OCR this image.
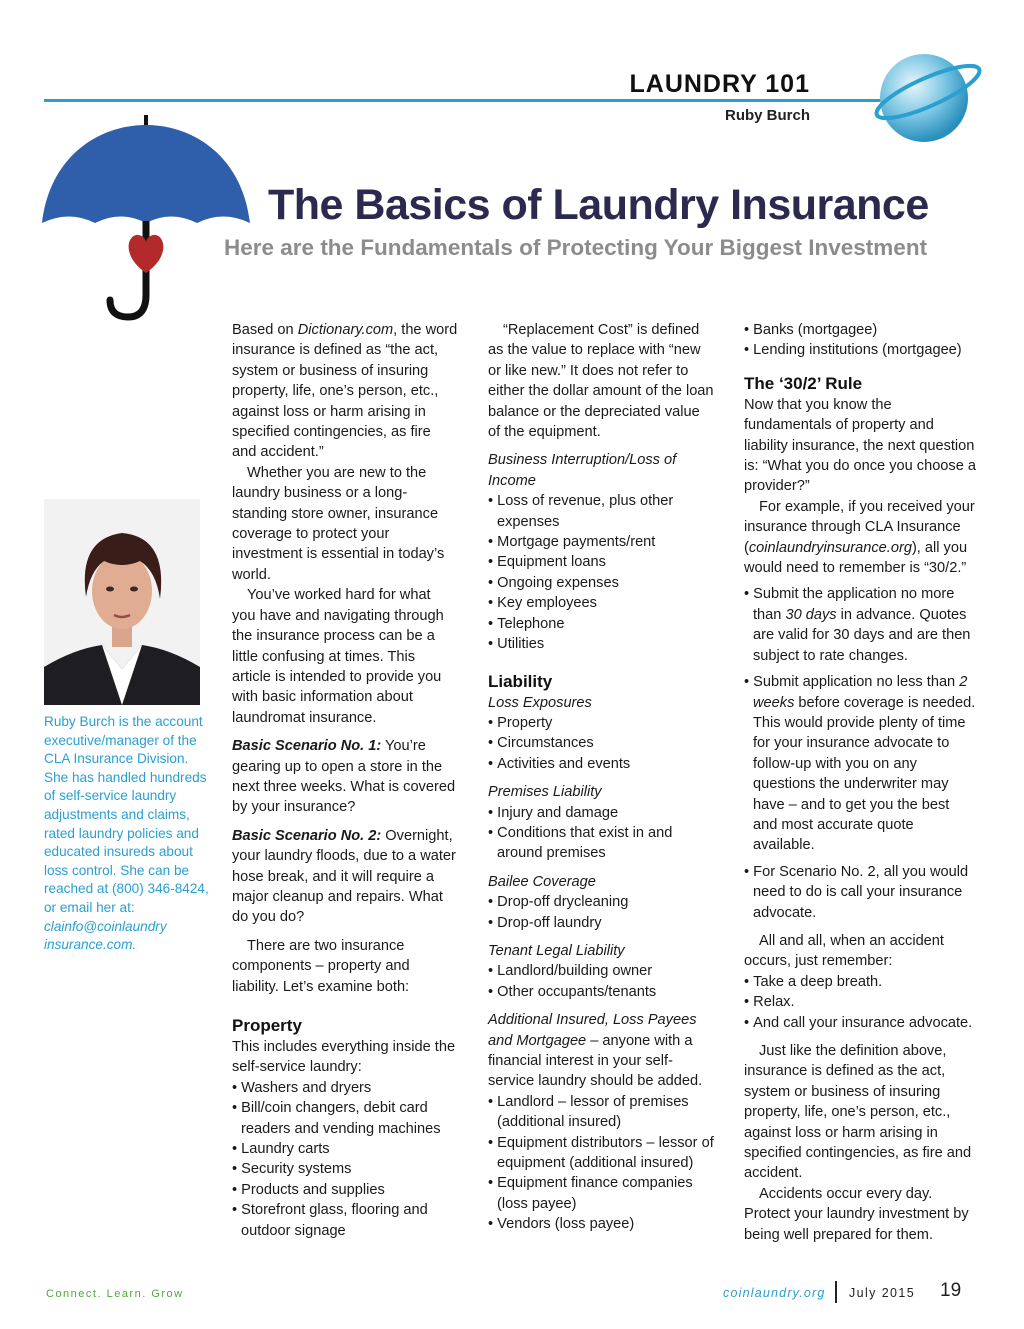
LAUNDRY 101
Ruby Burch
The Basics of Laundry Insurance
Here are the Fundamentals of Protecting Your Biggest Investment
Ruby Burch is the account executive/manager of the CLA Insurance Division. She has handled hundreds of self-service laundry adjustments and claims, rated laundry policies and educated insureds about loss control. She can be reached at (800) 346-8424, or email her at:
clainfo@coinlaundry insurance.com.

Based on Dictionary.com, the word insurance is defined as “the act, system or business of insuring property, life, one’s person, etc., against loss or harm arising in specified contingencies, as fire and accident.”

Whether you are new to the laundry business or a long-standing store owner, insurance coverage to protect your investment is essential in today’s world.

You’ve worked hard for what you have and navigating through the insurance process can be a little confusing at times. This article is intended to provide you with basic information about laundromat insurance.

Basic Scenario No. 1: You’re gearing up to open a store in the next three weeks. What is covered by your insurance?

Basic Scenario No. 2: Overnight, your laundry floods, due to a water hose break, and it will require a major cleanup and repairs. What do you do?

There are two insurance components – property and liability. Let’s examine both:

Property

This includes everything inside the self-service laundry:

• Washers and dryers
• Bill/coin changers, debit card readers and vending machines
• Laundry carts
• Security systems
• Products and supplies
• Storefront glass, flooring and outdoor signage

“Replacement Cost” is defined as the value to replace with “new or like new.” It does not refer to either the dollar amount of the loan balance or the depreciated value of the equipment.

Business Interruption/Loss of Income

• Loss of revenue, plus other expenses
• Mortgage payments/rent
• Equipment loans
• Ongoing expenses
• Key employees
• Telephone
• Utilities
Liability

Loss Exposures

• Property
• Circumstances
• Activities and events

Premises Liability

• Injury and damage
• Conditions that exist in and around premises

Bailee Coverage

• Drop-off drycleaning
• Drop-off laundry

Tenant Legal Liability

• Landlord/building owner
• Other occupants/tenants

Additional Insured, Loss Payees and Mortgagee – anyone with a financial interest in your self-service laundry should be added.

• Landlord – lessor of premises (additional insured)
• Equipment distributors – lessor of equipment (additional insured)
• Equipment finance companies (loss payee)
• Vendors (loss payee)
• Banks (mortgagee)
• Lending institutions (mortgagee)
The ‘30/2’ Rule

Now that you know the fundamentals of property and liability insurance, the next question is: “What you do once you choose a provider?”

For example, if you received your insurance through CLA Insurance (coinlaundryinsurance.org), all you would need to remember is “30/2.”

• Submit the application no more than 30 days in advance. Quotes are valid for 30 days and are then subject to rate changes.
• Submit application no less than 2 weeks before coverage is needed. This would provide plenty of time for your insurance advocate to follow-up with you on any questions the underwriter may have – and to get you the best and most accurate quote available.
• For Scenario No. 2, all you would need to do is call your insurance advocate.

All and all, when an accident occurs, just remember:

• Take a deep breath.
• Relax.
• And call your insurance advocate.

Just like the definition above, insurance is defined as the act, system or business of insuring property, life, one’s person, etc., against loss or harm arising in specified contingencies, as fire and accident.

Accidents occur every day. Protect your laundry investment by being well prepared for them.

Connect. Learn. Grow	coinlaundry.org July 2015 19
